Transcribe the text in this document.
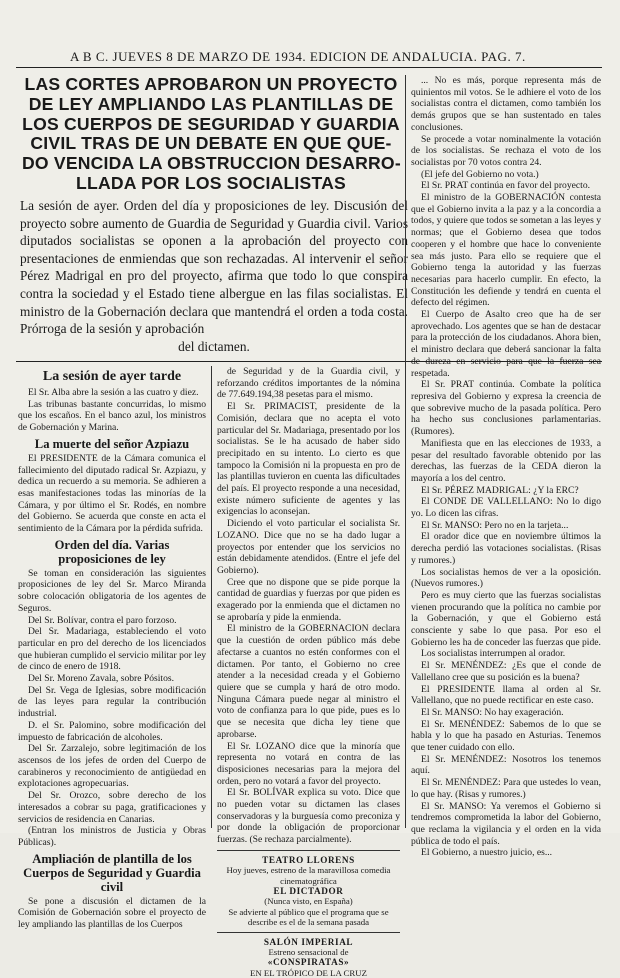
A B C. JUEVES 8 DE MARZO DE 1934. EDICION DE ANDALUCIA. PAG. 7.
LAS CORTES APROBARON UN PROYECTO
DE LEY AMPLIANDO LAS PLANTILLAS DE
LOS CUERPOS DE SEGURIDAD Y GUARDIA
CIVIL TRAS DE UN DEBATE EN QUE QUE-
DO VENCIDA LA OBSTRUCCION DESARRO-
LLADA POR LOS SOCIALISTAS
La sesión de ayer. Orden del día y proposiciones de ley. Discusión del proyecto sobre aumento de Guardia de Seguridad y Guardia civil. Varios diputados socialistas se oponen a la aprobación del proyecto con presentaciones de enmiendas que son rechazadas. Al intervenir el señor Pérez Madrigal en pro del proyecto, afirma que todo lo que conspira contra la sociedad y el Estado tiene albergue en las filas socialistas. El ministro de la Gobernación declara que mantendrá el orden a toda costa. Prórroga de la sesión y aprobación
del dictamen.
La sesión de ayer tarde

El Sr. Alba abre la sesión a las cuatro y diez.

Las tribunas bastante concurridas, lo mismo que los escaños. En el banco azul, los ministros de Gobernación y Marina.

La muerte del señor Azpiazu

El PRESIDENTE de la Cámara comunica el fallecimiento del diputado radical Sr. Azpiazu, y dedica un recuerdo a su memoria. Se adhieren a esas manifestaciones todas las minorías de la Cámara, y por último el Sr. Rodés, en nombre del Gobierno. Se acuerda que conste en acta el sentimiento de la Cámara por la pérdida sufrida.

Orden del día. Varias proposiciones de ley

Se toman en consideración las siguientes proposiciones de ley del Sr. Marco Miranda sobre colocación obligatoria de los agentes de Seguros.

Del Sr. Bolívar, contra el paro forzoso.

Del Sr. Madariaga, estableciendo el voto particular en pro del derecho de los licenciados que hubieran cumplido el servicio militar por ley de cinco de enero de 1918.

Del Sr. Moreno Zavala, sobre Pósitos.

Del Sr. Vega de Iglesias, sobre modificación de las leyes para regular la contribución industrial.

D. el Sr. Palomino, sobre modificación del impuesto de fabricación de alcoholes.

Del Sr. Zarzalejo, sobre legitimación de los ascensos de los jefes de orden del Cuerpo de carabineros y reconocimiento de antigüedad en explotaciones agropecuarias.

Del Sr. Orozco, sobre derecho de los interesados a cobrar su paga, gratificaciones y servicios de residencia en Canarias.

(Entran los ministros de Justicia y Obras Públicas).

Ampliación de plantilla de los Cuerpos de Seguridad y Guardia civil

Se pone a discusión el dictamen de la Comisión de Gobernación sobre el proyecto de ley ampliando las plantillas de los Cuerpos

de Seguridad y de la Guardia civil, y reforzando créditos importantes de la nómina de 77.649.194,38 pesetas para el mismo.

El Sr. PRIMACIST, presidente de la Comisión, declara que no acepta el voto particular del Sr. Madariaga, presentado por los socialistas. Se le ha acusado de haber sido precipitado en su intento. Lo cierto es que tampoco la Comisión ni la propuesta en pro de las plantillas tuvieron en cuenta las dificultades del país. El proyecto responde a una necesidad, existe número suficiente de agentes y las exigencias lo aconsejan.

Diciendo el voto particular el socialista Sr. LOZANO. Dice que no se ha dado lugar a proyectos por entender que los servicios no están debidamente atendidos. (Entre el jefe del Gobierno).

Cree que no dispone que se pide porque la cantidad de guardias y fuerzas por que piden es exagerado por la enmienda que el dictamen no se aprobaría y pide la enmienda.

El ministro de la GOBERNACION declara que la cuestión de orden público más debe afectarse a cuantos no estén conformes con el dictamen. Por tanto, el Gobierno no cree atender a la necesidad creada y el Gobierno quiere que se cumpla y hará de otro modo. Ninguna Cámara puede negar al ministro el voto de confianza para lo que pide, pues es lo que se necesita que dicha ley tiene que aprobarse.

El Sr. LOZANO dice que la minoría que representa no votará en contra de las disposiciones necesarias para la mejora del orden, pero no votará a favor del proyecto.

El Sr. BOLÍVAR explica su voto. Dice que no pueden votar su dictamen las clases conservadoras y la burguesía como preconiza y por donde la obligación de proporcionar fuerzas. (Se rechaza parcialmente).

TEATRO LLORENS
Hoy jueves, estreno de la maravillosa comedia cinematográfica
EL DICTADOR
(Nunca visto, en España)
Se advierte al público que el programa que se describe es el de la semana pasada
SALÓN IMPERIAL
Estreno sensacional de
«CONSPIRATAS»
EN EL TRÓPICO DE LA CRUZ

... No es más, porque representa más de quinientos mil votos. Se le adhiere el voto de los socialistas contra el dictamen, como también los demás grupos que se han sustentado en tales conclusiones.

Se procede a votar nominalmente la votación de los socialistas. Se rechaza el voto de los socialistas por 70 votos contra 24.

(El jefe del Gobierno no vota.)

El Sr. PRAT continúa en favor del proyecto.

El ministro de la GOBERNACIÓN contesta que el Gobierno invita a la paz y a la concordia a todos, y quiere que todos se sometan a las leyes y normas; que el Gobierno desea que todos cooperen y el hombre que hace lo conveniente sea más justo. Para ello se requiere que el Gobierno tenga la autoridad y las fuerzas necesarias para hacerlo cumplir. En efecto, la Constitución les defiende y tendrá en cuenta el defecto del régimen.

El Cuerpo de Asalto creo que ha de ser aprovechado. Los agentes que se han de destacar para la protección de los ciudadanos. Ahora bien, el ministro declara que deberá sancionar la falta de dureza en servicio para que la fuerza sea respetada.

El Sr. PRAT continúa. Combate la política represiva del Gobierno y expresa la creencia de que sobrevive mucho de la pasada política. Pero ha hecho sus conclusiones parlamentarias. (Rumores).

Manifiesta que en las elecciones de 1933, a pesar del resultado favorable obtenido por las derechas, las fuerzas de la CEDA dieron la mayoría a los del centro.

El Sr. PÉREZ MADRIGAL: ¿Y la ERC?

El CONDE DE VALLELLANO: No lo digo yo. Lo dicen las cifras.

El Sr. MANSO: Pero no en la tarjeta...

El orador dice que en noviembre últimos la derecha perdió las votaciones socialistas. (Risas y rumores.)

Los socialistas hemos de ver a la oposición. (Nuevos rumores.)

Pero es muy cierto que las fuerzas socialistas vienen procurando que la política no cambie por la Gobernación, y que el Gobierno está consciente y sabe lo que pasa. Por eso el Gobierno les ha de conceder las fuerzas que pide.

Los socialistas interrumpen al orador.

El Sr. MENÉNDEZ: ¿Es que el conde de Vallellano cree que su posición es la buena?

El PRESIDENTE llama al orden al Sr. Vallellano, que no puede rectificar en este caso.

El Sr. MANSO: No hay exageración.

El Sr. MENÉNDEZ: Sabemos de lo que se habla y lo que ha pasado en Asturias. Tenemos que tener cuidado con ello.

El Sr. MENÉNDEZ: Nosotros los tenemos aquí.

El Sr. MENÉNDEZ: Para que ustedes lo vean, lo que hay. (Risas y rumores.)

El Sr. MANSO: Ya veremos el Gobierno si tendremos comprometida la labor del Gobierno, que reclama la vigilancia y el orden en la vida pública de todo el país.

El Gobierno, a nuestro juicio, es...
